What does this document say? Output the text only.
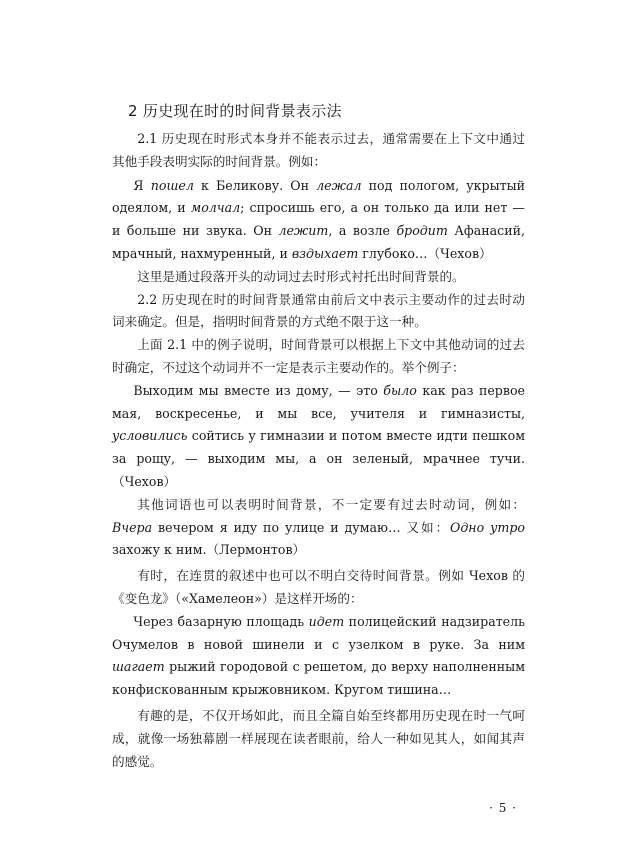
2 历史现在时的时间背景表示法

2.1 历史现在时形式本身并不能表示过去，通常需要在上下文中通过其他手段表明实际的时间背景。例如：

Я пошел к Беликову. Он лежал под пологом, укрытый одеялом, и молчал; спросишь его, а он только да или нет — и больше ни звука. Он лежит, а возле бродит Афанасий, мрачный, нахмуренный, и вздыхает глубоко…（Чехов）

这里是通过段落开头的动词过去时形式衬托出时间背景的。

2.2 历史现在时的时间背景通常由前后文中表示主要动作的过去时动词来确定。但是，指明时间背景的方式绝不限于这一种。

上面 2.1 中的例子说明，时间背景可以根据上下文中其他动词的过去时确定，不过这个动词并不一定是表示主要动作的。举个例子：

Выходим мы вместе из дому, — это было как раз первое мая, воскресенье, и мы все, учителя и гимназисты, условились сойтись у гимназии и потом вместе идти пешком за рощу, — выходим мы, а он зеленый, мрачнее тучи.（Чехов）

其他词语也可以表明时间背景，不一定要有过去时动词，例如：Вчера вечером я иду по улице и думаю… 又如：Одно утро захожу к ним.（Лермонтов）

有时，在连贯的叙述中也可以不明白交待时间背景。例如 Чехов 的《变色龙》（«Хамелеон»）是这样开场的：

Через базарную площадь идет полицейский надзиратель Очумелов в новой шинели и с узелком в руке. За ним шагает рыжий городовой с решетом, до верху наполненным конфискованным крыжовником. Кругом тишина…

有趣的是，不仅开场如此，而且全篇自始至终都用历史现在时一气呵成，就像一场独幕剧一样展现在读者眼前，给人一种如见其人，如闻其声的感觉。

· 5 ·
